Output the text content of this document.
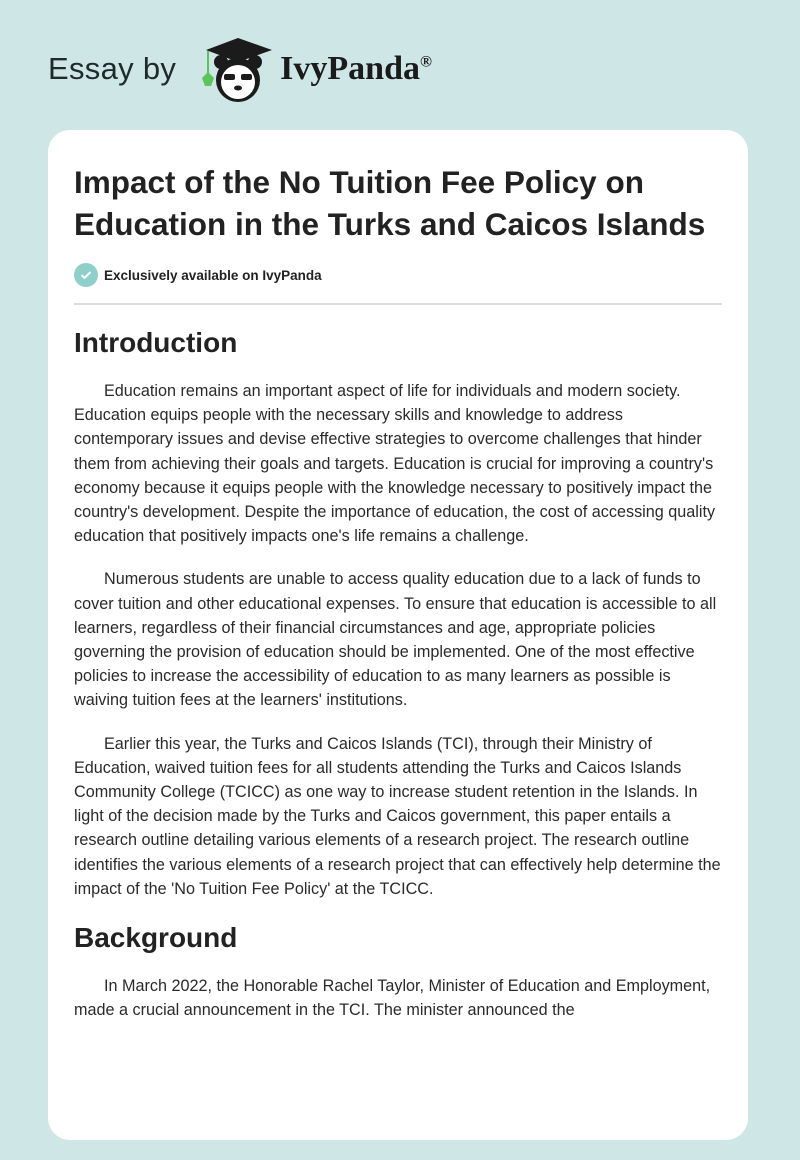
Essay by	IvyPanda®
Impact of the No Tuition Fee Policy on Education in the Turks and Caicos Islands
Exclusively available on IvyPanda
Introduction

Education remains an important aspect of life for individuals and modern society. Education equips people with the necessary skills and knowledge to address contemporary issues and devise effective strategies to overcome challenges that hinder them from achieving their goals and targets. Education is crucial for improving a country's economy because it equips people with the knowledge necessary to positively impact the country's development. Despite the importance of education, the cost of accessing quality education that positively impacts one's life remains a challenge.

Numerous students are unable to access quality education due to a lack of funds to cover tuition and other educational expenses. To ensure that education is accessible to all learners, regardless of their financial circumstances and age, appropriate policies governing the provision of education should be implemented. One of the most effective policies to increase the accessibility of education to as many learners as possible is waiving tuition fees at the learners' institutions.

Earlier this year, the Turks and Caicos Islands (TCI), through their Ministry of Education, waived tuition fees for all students attending the Turks and Caicos Islands Community College (TCICC) as one way to increase student retention in the Islands. In light of the decision made by the Turks and Caicos government, this paper entails a research outline detailing various elements of a research project. The research outline identifies the various elements of a research project that can effectively help determine the impact of the 'No Tuition Fee Policy' at the TCICC.

Background

In March 2022, the Honorable Rachel Taylor, Minister of Education and Employment, made a crucial announcement in the TCI. The minister announced the
